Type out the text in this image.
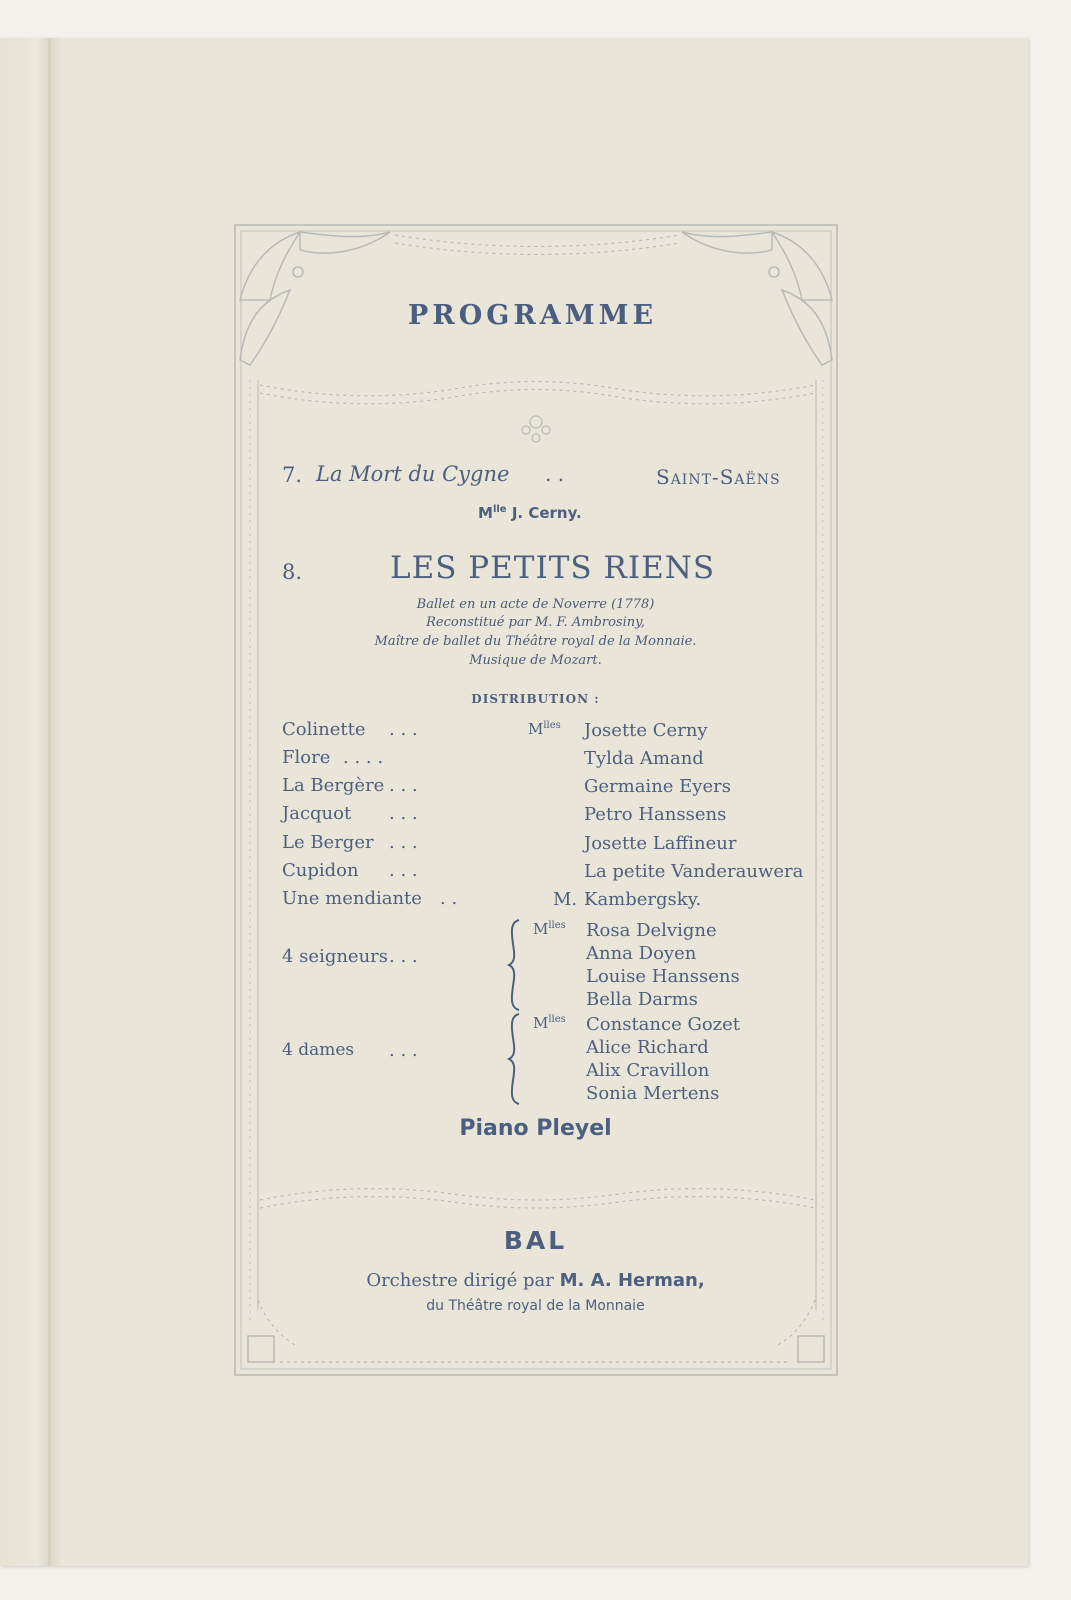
PROGRAMME
7. La Mort du Cygne . .	Saint-Saëns
$M^{lle}$ J. Cerny.
8.	LES PETITS RIENS
Ballet en un acte de Noverre (1778)
Reconstitué par M. F. Ambrosiny,
Maître de ballet du Théâtre royal de la Monnaie.
Musique de Mozart.
DISTRIBUTION :
Colinette . . .	$M^{lles}$ Josette Cerny
Flore . . . .	Tylda Amand
La Bergère . . .	Germaine Eyers
Jacquot . . .	Petro Hanssens
Le Berger . . .	Josette Laffineur
Cupidon . . .	La petite Vanderauwera
Une mendiante . .	M. Kambergsky.
4 seigneurs . . .
$M^{lles}$ Rosa Delvigne
Anna Doyen
Louise Hanssens
Bella Darms
4 dames . . .
$M^{lles}$ Constance Gozet
Alice Richard
Alix Cravillon
Sonia Mertens
Piano Pleyel
BAL
Orchestre dirigé par M. A. Herman,
du Théâtre royal de la Monnaie
